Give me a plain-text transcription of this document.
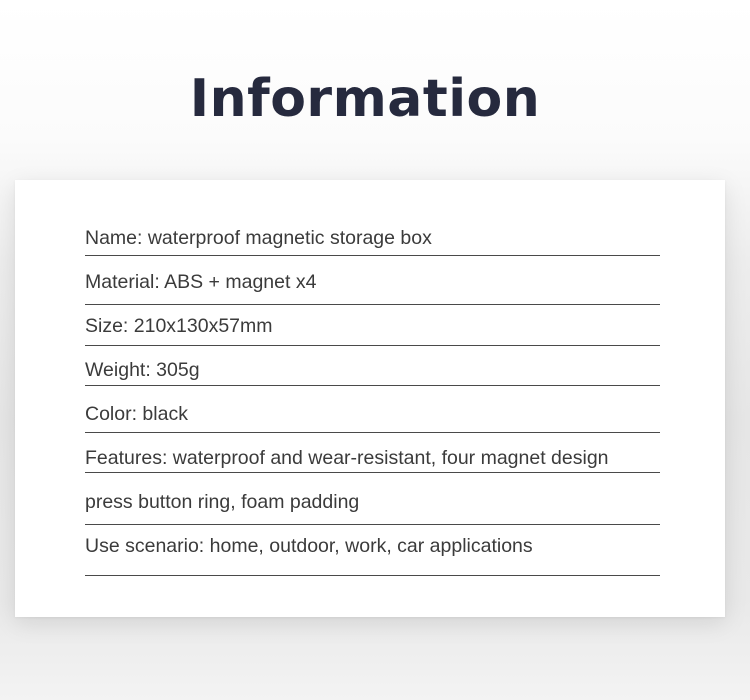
Information
Name: waterproof magnetic storage box
Material: ABS + magnet x4
Size: 210x130x57mm
Weight: 305g
Color: black
Features: waterproof and wear-resistant, four magnet design
press button ring, foam padding
Use scenario: home, outdoor, work, car applications
